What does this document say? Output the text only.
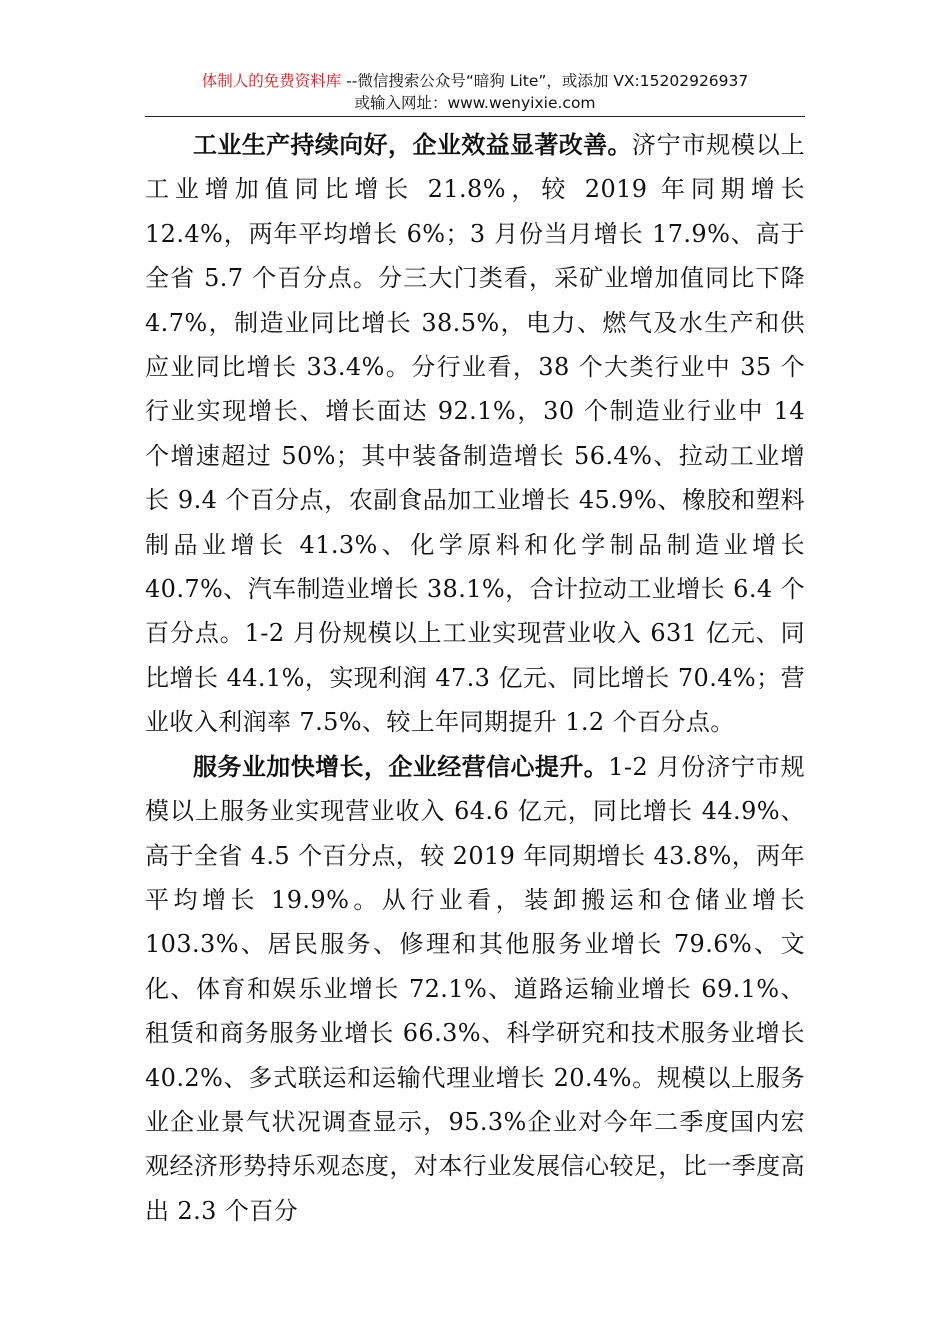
体制人的免费资料库 --微信搜索公众号“暗狗 Lite”，或添加 VX:15202926937
或输入网址：www.wenyixie.com

工业生产持续向好，企业效益显著改善。济宁市规模以上工业增加值同比增长 21.8%，较 2019 年同期增长 12.4%，两年平均增长 6%；3 月份当月增长 17.9%、高于全省 5.7 个百分点。分三大门类看，采矿业增加值同比下降 4.7%，制造业同比增长 38.5%，电力、燃气及水生产和供应业同比增长 33.4%。分行业看，38 个大类行业中 35 个行业实现增长、增长面达 92.1%，30 个制造业行业中 14 个增速超过 50%；其中装备制造增长 56.4%、拉动工业增长 9.4 个百分点，农副食品加工业增长 45.9%、橡胶和塑料制品业增长 41.3%、化学原料和化学制品制造业增长 40.7%、汽车制造业增长 38.1%，合计拉动工业增长 6.4 个百分点。1-2 月份规模以上工业实现营业收入 631 亿元、同比增长 44.1%，实现利润 47.3 亿元、同比增长 70.4%；营业收入利润率 7.5%、较上年同期提升 1.2 个百分点。

服务业加快增长，企业经营信心提升。1-2 月份济宁市规模以上服务业实现营业收入 64.6 亿元，同比增长 44.9%、高于全省 4.5 个百分点，较 2019 年同期增长 43.8%，两年平均增长 19.9%。从行业看，装卸搬运和仓储业增长 103.3%、居民服务、修理和其他服务业增长 79.6%、文化、体育和娱乐业增长 72.1%、道路运输业增长 69.1%、租赁和商务服务业增长 66.3%、科学研究和技术服务业增长 40.2%、多式联运和运输代理业增长 20.4%。规模以上服务业企业景气状况调查显示，95.3%企业对今年二季度国内宏观经济形势持乐观态度，对本行业发展信心较足，比一季度高出 2.3 个百分
